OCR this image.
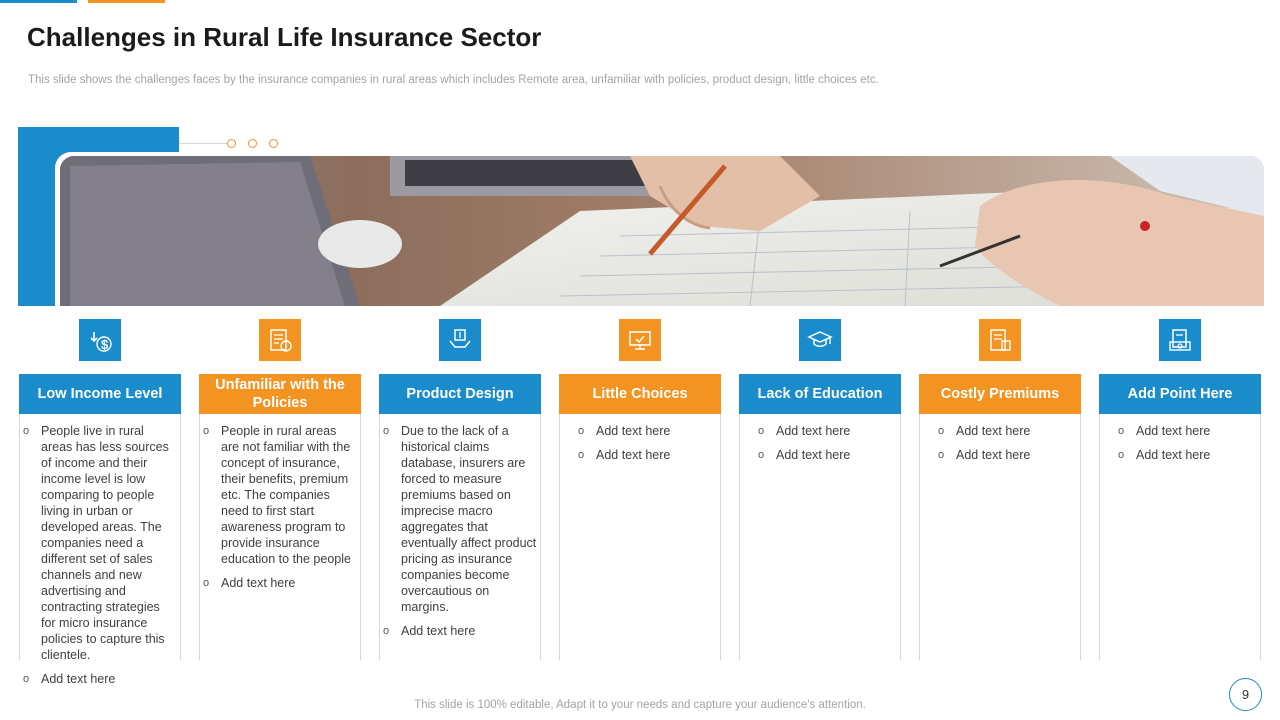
Challenges in Rural Life Insurance Sector

This slide shows the challenges faces by the insurance companies in rural areas which includes Remote area, unfamiliar with policies, product design, little choices etc.

$
Low Income Level
o People live in rural areas has less sources of income and their income level is low comparing to people living in urban or developed areas. The companies need a different set of sales channels and new advertising and contracting strategies for micro insurance policies to capture this clientele.
o Add text here
Unfamiliar with the Policies
o People in rural areas are not familiar with the concept of insurance, their benefits, premium etc. The companies need to first start awareness program to provide insurance education to the people
o Add text here
Product Design
o Due to the lack of a historical claims database, insurers are forced to measure premiums based on imprecise macro aggregates that eventually affect product pricing as insurance companies become overcautious on margins.
o Add text here
Little Choices
o Add text here
o Add text here
Lack of Education
o Add text here
o Add text here
Costly Premiums
o Add text here
o Add text here
Add Point Here
o Add text here
o Add text here

This slide is 100% editable, Adapt it to your needs and capture your audience's attention.

9
